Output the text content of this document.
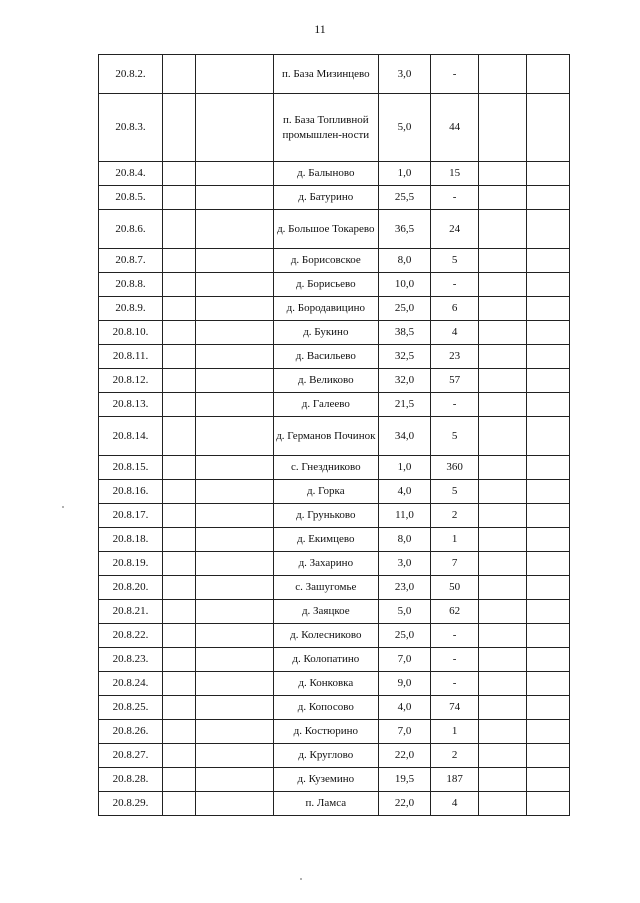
11
20.8.2.			п. База Мизинцево	3,0	-		
20.8.3.			п. База Топливной промышлен-ности	5,0	44		
20.8.4.			д. Балыново	1,0	15		
20.8.5.			д. Батурино	25,5	-		
20.8.6.			д. Большое Токарево	36,5	24		
20.8.7.			д. Борисовское	8,0	5		
20.8.8.			д. Борисьево	10,0	-		
20.8.9.			д. Бородавицино	25,0	6		
20.8.10.			д. Букино	38,5	4		
20.8.11.			д. Васильево	32,5	23		
20.8.12.			д. Великово	32,0	57		
20.8.13.			д. Галеево	21,5	-		
20.8.14.			д. Германов Починок	34,0	5		
20.8.15.			с. Гнездниково	1,0	360		
20.8.16.			д. Горка	4,0	5		
20.8.17.			д. Груньково	11,0	2		
20.8.18.			д. Екимцево	8,0	1		
20.8.19.			д. Захарино	3,0	7		
20.8.20.			с. Зашугомье	23,0	50		
20.8.21.			д. Заяцкое	5,0	62		
20.8.22.			д. Колесниково	25,0	-		
20.8.23.			д. Колопатино	7,0	-		
20.8.24.			д. Конковка	9,0	-		
20.8.25.			д. Копосово	4,0	74		
20.8.26.			д. Костюрино	7,0	1		
20.8.27.			д. Круглово	22,0	2		
20.8.28.			д. Куземино	19,5	187		
20.8.29.			п. Ламса	22,0	4		
